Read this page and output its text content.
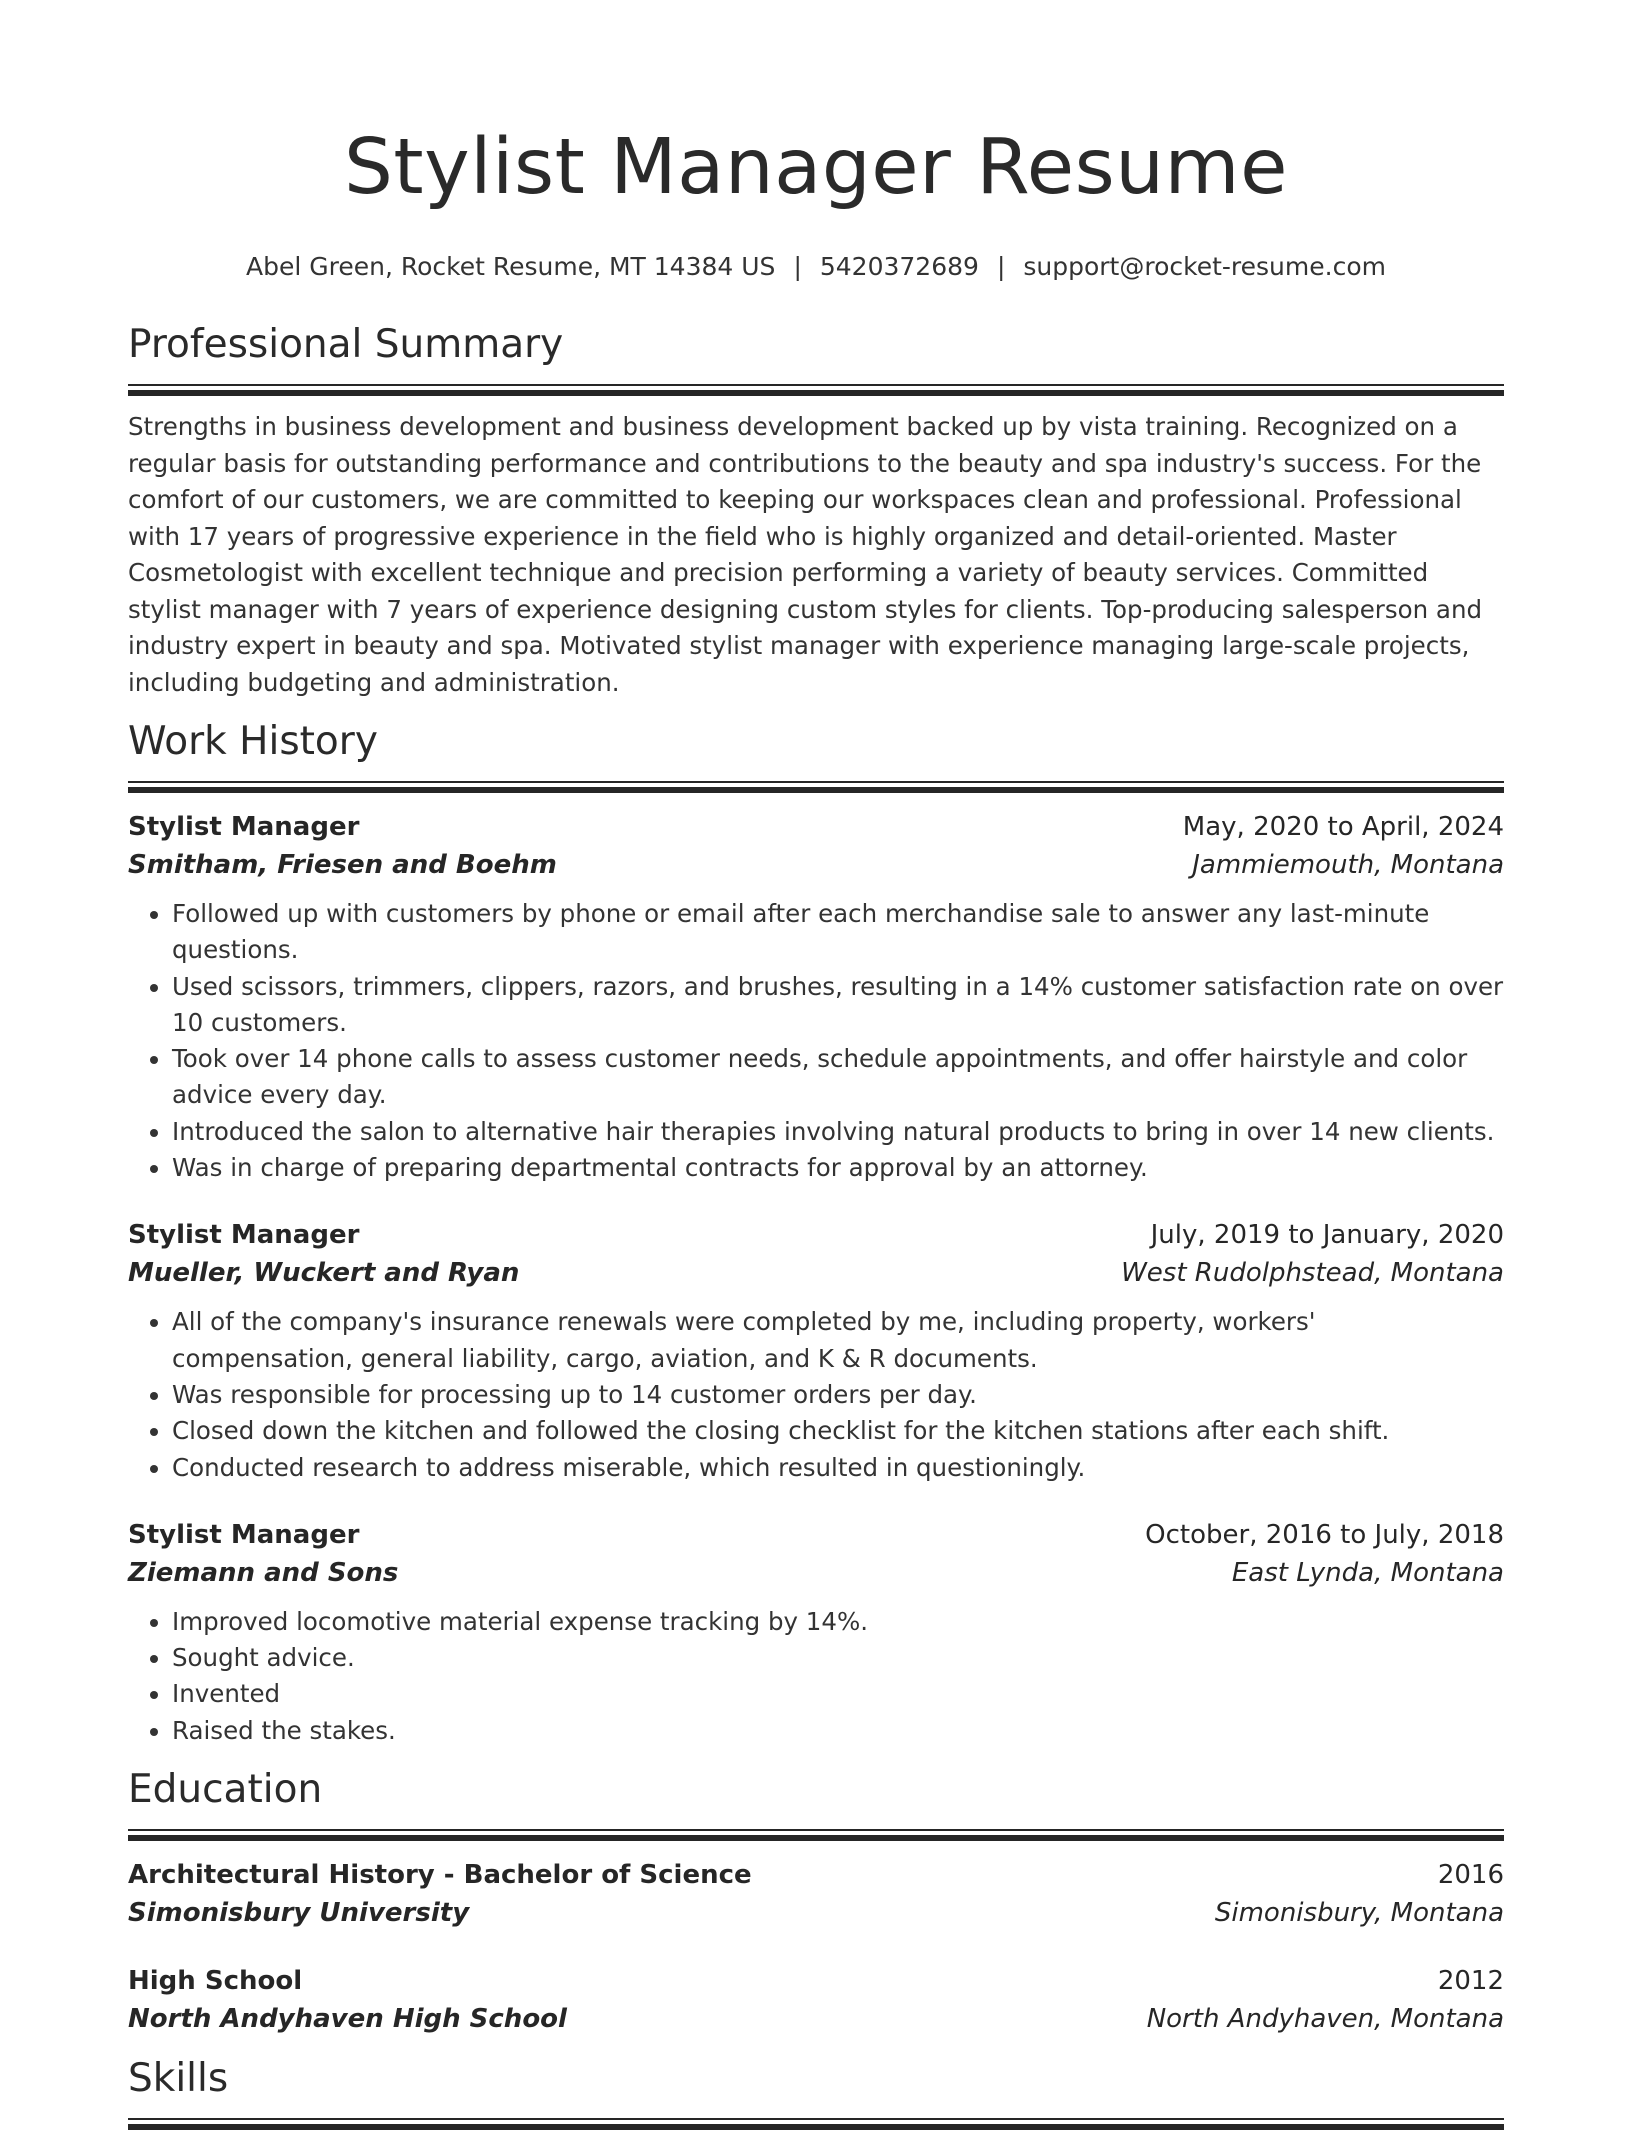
Stylist Manager Resume
Abel Green, Rocket Resume, MT 14384 US | 5420372689 | support@rocket-resume.com
Professional Summary

Strengths in business development and business development backed up by vista training. Recognized on a regular basis for outstanding performance and contributions to the beauty and spa industry's success. For the comfort of our customers, we are committed to keeping our workspaces clean and professional. Professional with 17 years of progressive experience in the field who is highly organized and detail-oriented. Master Cosmetologist with excellent technique and precision performing a variety of beauty services. Committed stylist manager with 7 years of experience designing custom styles for clients. Top-producing salesperson and industry expert in beauty and spa. Motivated stylist manager with experience managing large-scale projects, including budgeting and administration.

Work History
Stylist Manager	May, 2020 to April, 2024
Smitham, Friesen and Boehm	Jammiemouth, Montana
• Followed up with customers by phone or email after each merchandise sale to answer any last-minute questions.
• Used scissors, trimmers, clippers, razors, and brushes, resulting in a 14% customer satisfaction rate on over 10 customers.
• Took over 14 phone calls to assess customer needs, schedule appointments, and offer hairstyle and color advice every day.
• Introduced the salon to alternative hair therapies involving natural products to bring in over 14 new clients.
• Was in charge of preparing departmental contracts for approval by an attorney.
Stylist Manager	July, 2019 to January, 2020
Mueller, Wuckert and Ryan	West Rudolphstead, Montana
• All of the company's insurance renewals were completed by me, including property, workers' compensation, general liability, cargo, aviation, and K & R documents.
• Was responsible for processing up to 14 customer orders per day.
• Closed down the kitchen and followed the closing checklist for the kitchen stations after each shift.
• Conducted research to address miserable, which resulted in questioningly.
Stylist Manager	October, 2016 to July, 2018
Ziemann and Sons	East Lynda, Montana
• Improved locomotive material expense tracking by 14%.
• Sought advice.
• Invented
• Raised the stakes.
Education
Architectural History - Bachelor of Science	2016
Simonisbury University	Simonisbury, Montana
High School	2012
North Andyhaven High School	North Andyhaven, Montana
Skills
